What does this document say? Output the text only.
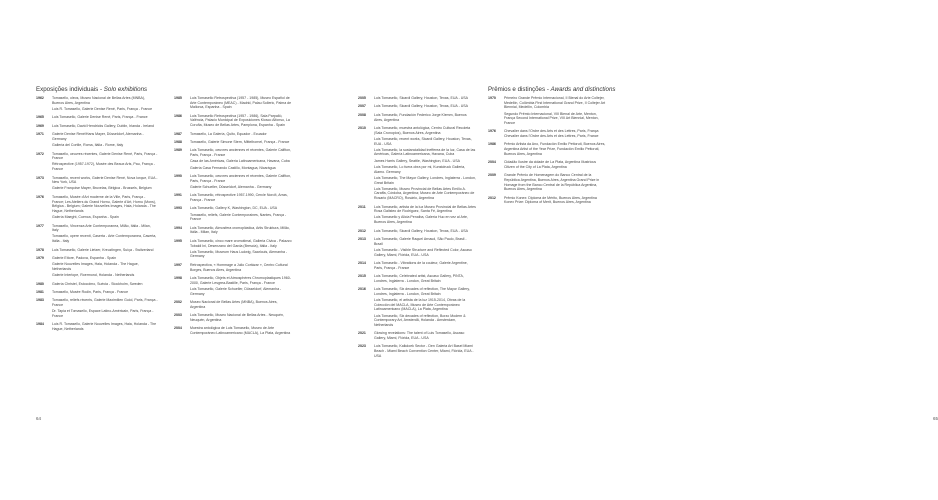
Exposições individuais - Solo exhibitions
1962	Tomasello, oleos, Museo Nacional de Bellas Artes (MNBA), Buenos Aires, Argentina
Luis R. Tomasello, Galerie Denise René, Paris, França - France
1965	Luis Tomasello, Galerie Denise René, Paris, França - France
1969	Luis Tomasello, David Hendricks Gallery, Dublin, Irlanda - Ireland
1971	Galerie Denise René/Hans Mayer, Düsseldorf, Alemanha - Germany
Galleria del Cortile, Roma, Itália - Rome, Italy
1972	Tomasello, oeuvres récentes, Galerie Denise René, Paris, França - France
Rétrospective (1957-1972), Musée des Beaux Arts, Pau, França - France
1973	Tomasello, recent works, Galerie Denise René, Nova Iorque, EUA - New York, USA
Galerie Françoise Mayer, Bruxelas, Bélgica - Brussels, Belgium
1976	Tomasello, Musée d'Art moderne de la Ville, Paris, França - France; Les Ateliers du Grand Hornu, Galerie d'Art, Hornu (Mons), Bélgica - Belgium; Galerie Nouvelles Images, Haia, Holanda - The Hague, Netherlands
Galería Maeght, Cuenca, Espanha - Spain
1977	Tomasello, Vincenza Arte Contemporanea, Milão, Itália - Milan, Italy
Tomasello, opere recenti, Caserta - Arte Contemporanea, Caserta, Itália - Italy
1978	Luis Tomasello, Galerie Lietzer, Kreuzlingen, Suíça - Switzerland
1979	Galerie Ettore, Padova, Espanha - Spain
Galerie Nouvelles Images, Haia, Holanda - The Hague, Netherlands
Galerie Interlope, Roermond, Holanda - Netherlands
1980	Galería Christel, Estocolmo, Suécia - Stockholm, Sweden
1981	Tomasello, Musée Rodin, Paris, França - France
1983	Tomasello, reliefs récents, Galerie Maximilien Guiol, Paris, França - France
Dr. Tapia et Tomasello, Espace Latino-Américain, Paris, França - France
1984	Luis R. Tomasello, Galerie Nouvelles Images, Haia, Holanda - The Hague, Netherlands
1985	Luis Tomasello Retrospectiva (1957 - 1985), Museo Español de Arte Contemporáneo (MEAC) - Madrid, Palau Solleric, Palma de Mallorca, Espanha - Spain
1986	Luis Tomasello Retrospectiva (1957 - 1986), Sala Parpalló, Valência, Palacio Municipal de Exposiciones Kiosco Alfonso, La Coruña, Museo de Bellas Artes, Pamplona, Espanha - Spain
1987	Tomasello, La Galería, Quito, Equador - Ecuador
1988	Tomasello, Galerie Simone Stern, Mittelhornel, França - France
1989	Luis Tomasello, oeuvres anciennes et récentes, Galerie Calfiton, Paris, França - France
Casa de las Américas, Galería Latinoamericana, Havana, Cuba
Galería Casa Fernando Castillo, Montagua, Nicarágua
1990	Luis Tomasello, oeuvres anciennes et récentes, Galerie Calfiton, Paris, França - France
Galerie Schueller, Düsseldorf, Alemanha - Germany
1991	Luis Tomasello, rétrospective 1957-1990, Cercle Noroît, Arras, França - France
1993	Luis Tomasello, Gallery K, Washington, DC, EUA - USA
Tomasello, reliefs, Galerie Contemporaines, Nantes, França - France
1994	Luis Tomasello, Atmosfera cromoplástica, Artis Struktura, Milão, Itália - Milan, Italy
1995	Luis Tomasello, cinco mare cromotimal, Galleria Civica - Palazzo Tobaldi Ini, Desenzano del Garda (Brescia), Itália - Italy
Luis Tomasello, Museum Haus Ludwig, Saarlouis, Alemanha - Germany
1997	Retrospectiva, « Hommage a Julio Cortázar », Centro Cultural Borges, Buenos Aires, Argentina
1998	Luis Tomasello, Objets et Atmosphères Chromoplastiques 1960-2000, Galerie Lesgrea-Bastille, Paris, França - France
Luis Tomasello, Galerie Schueller, Düsseldorf, Alemanha - Germany
2002	Museo Nacional de Bellas Artes (MNBA), Buenos Aires, Argentina
2003	Luis Tomasello, Museo Nacional de Bellas Artes - Neuquén, Neuquén, Argentina
2004	Muestra antológica de Luis Tomasello, Museo de Arte Contemporáneo Latinoamericano (MACLA), La Plata, Argentina
64	65
2005	Luis Tomasello, Sicardi Gallery, Houston, Texas, EUA - USA
2007	Luis Tomasello, Sicardi Gallery, Houston, Texas, EUA - USA
2008	Luis Tomasello, Fundación Federico Jorge Klemm, Buenos Aires, Argentina
2010	Luis Tomasello, muestra antológica, Centro Cultural Recoleta (Sala Cronopios), Buenos Aires, Argentina
Luis Tomasello, recent works, Sicardi Gallery, Houston, Texas, EUA - USA
Luis Tomasello, la sustancialidad inefferea de la luz, Casa de las Américas, Galería Latinoamericana, Havana, Cuba
James Harris Gallery, Seattle, Washington, EUA - USA
Luis Tomasello, Lo fuera obra por mi, Kunstdruck Galleria, Alamo. Germany
Luis Tomasello, The Mayor Gallery, Londres, Inglaterra - London, Great Britain
Luis Tomasello, Museo Provincial de Bellas Artes Emilio A. Caraffa, Córdoba, Argentina; Museo de Arte Contemporáneo de Rosario (MACRO), Rosário, Argentina
2011	Luis Tomasello, artista de la luz Museo Provincial de Bellas Artes Rosa Galisteo de Rodríguez, Santa Fé, Argentina
Luis Tomasello y Alicia Penalba, Galería Huo en vez al Arte, Buenos Aires, Argentina
2012	Luis Tomasello, Sicardi Gallery, Houston, Texas, EUA - USA
2013	Luis Tomasello, Galerie Raquel Arnaud, São Paulo, Brasil - Brazil
Luis Tomasello - Visible Structure and Reflected Color, Ascaso Gallery, Miami, Flórida, EUA - USA
2014	Luis Tomasello - Vibrations de la couleur, Galerie Argentine, Paris, França - France
2015	Luis Tomasello, Celebrated artist, Ascaso Gallery, PINTA, Londres, Inglaterra - London, Great Britain
2016	Luis Tomasello, Six decades of reflection, The Mayor Gallery, Londres, Inglaterra - London, Great Britain
Luis Tomasello, el artista de la luz 1915-2014, Obras de la Colección del MACLA, Museo de Arte Contemporáneo Latinoamericano (MACLA), La Plata, Argentina
Luis Tomasello, Six decades of reflection, Borzo Modern & Contemporary Art, Amsterdã, Holanda - Amsterdam, Netherlands
2021	Glowing revelations: The talent of Luis Tomasello, Ascaso Gallery, Miami, Flórida, EUA - USA
2023	Luis Tomasello, Kalkdoek Sector - Den Galeria Art Basel Miami Beach - Miami Beach Convention Center, Miami, Flórida, EUA - USA
Prêmios e distinções - Awards and distinctions
1970	Primeiro Grande Prêmio Internacional, II Bienal do Arte Coltejer, Medellín, Colômbia First International Grand Prize, II Coltejer Art Biennial, Medellín, Colombia
Segundo Prêmio Internacional, VIII Bienal de Arte, Menton, França Second International Prize, VIII Art Biennial, Menton, France
1976	Chevalier dans l'Ordre des Arts et des Lettres, Paris, França Chevalier dans l'Ordre des Arts et des Lettres, Paris, France
1986	Prêmio Artista da Ano, Fundación Emilio Pettoruti, Buenos Aires, Argentina Artist of the Year Prize, Fundación Emilio Pettoruti, Buenos Aires, Argentina
2004	Cidadão Ilustre da cidade de La Plata, Argentina Illustrious Citizen of the City of La Plata, Argentina
2009	Grande Prêmio de Homenagem do Banco Central de la República Argentina, Buenos Aires, Argentina Grand Prize in Homage from the Banco Central de la República Argentina, Buenos Aires, Argentina
2012	Prêmio Konex: Diploma de Mérito, Buenos Aires, Argentina Konex Prize: Diploma of Merit, Buenos Aires, Argentina
